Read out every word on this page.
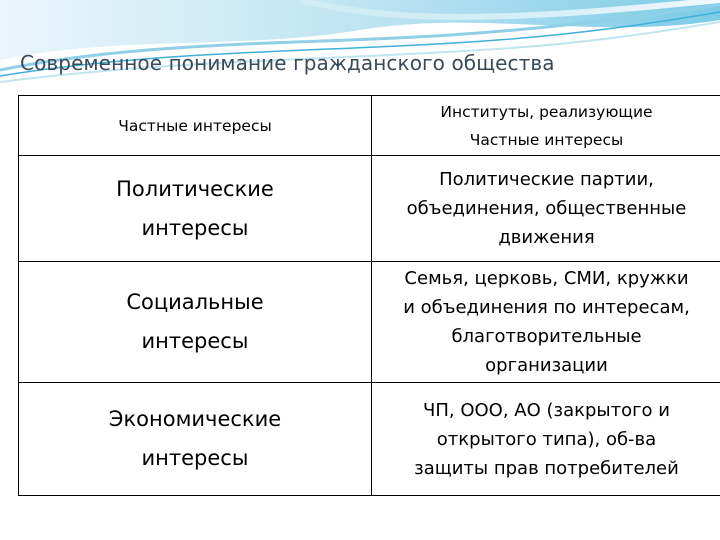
Современное понимание гражданского общества
Частные интересы	Институты, реализующие
Частные интересы

Политические
интересы	Политические партии,
объединения, общественные
движения

Социальные
интересы	Семья, церковь, СМИ, кружки
и объединения по интересам,
благотворительные
организации

Экономические
интересы	ЧП, ООО, АО (закрытого и
открытого типа), об-ва
защиты прав потребителей
